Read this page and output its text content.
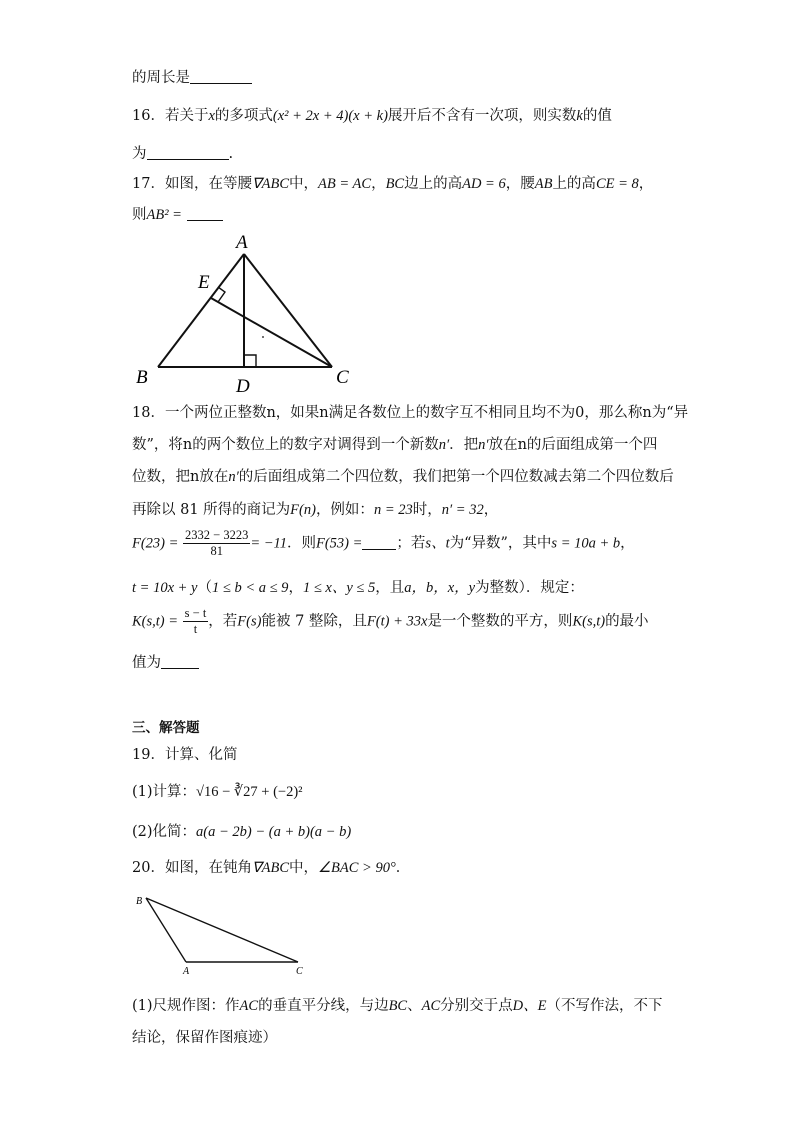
的周长是
16．若关于x的多项式(x² + 2x + 4)(x + k)展开后不含有一次项，则实数k的值
为	.
17．如图，在等腰∇ABC中，AB = AC，BC边上的高AD = 6，腰AB上的高CE = 8，
则AB² =
A
E
B	D	C
18．一个两位正整数n，如果n满足各数位上的数字互不相同且均不为0，那么称n为“异
数”，将n的两个数位上的数字对调得到一个新数n′．把n′放在n的后面组成第一个四
位数，把n放在n′的后面组成第二个四位数，我们把第一个四位数减去第二个四位数后
再除以 81 所得的商记为F(n)，例如：n = 23时，n′ = 32，
$F(23) = \frac{2332 - 3223}{81} = -11$．则F(53) = ；若s、t为“异数”，其中s = 10a + b，
t = 10x + y（1 ≤ b < a ≤ 9，1 ≤ x、y ≤ 5，且a，b，x，y为整数）．规定：
$K(s,t) = \frac{s - t}{t}$ ，若F(s)能被 7 整除，且F(t) + 33x是一个整数的平方，则K(s,t)的最小
值为
三、解答题
19．计算、化简
(1)计算：√16 − ∛27 + (−2)²
(2)化简：a(a − 2b) − (a + b)(a − b)
20．如图，在钝角∇ABC中，∠BAC > 90°．
B
A	C
(1)尺规作图：作AC的垂直平分线，与边BC、AC分别交于点D、E（不写作法，不下
结论，保留作图痕迹）
